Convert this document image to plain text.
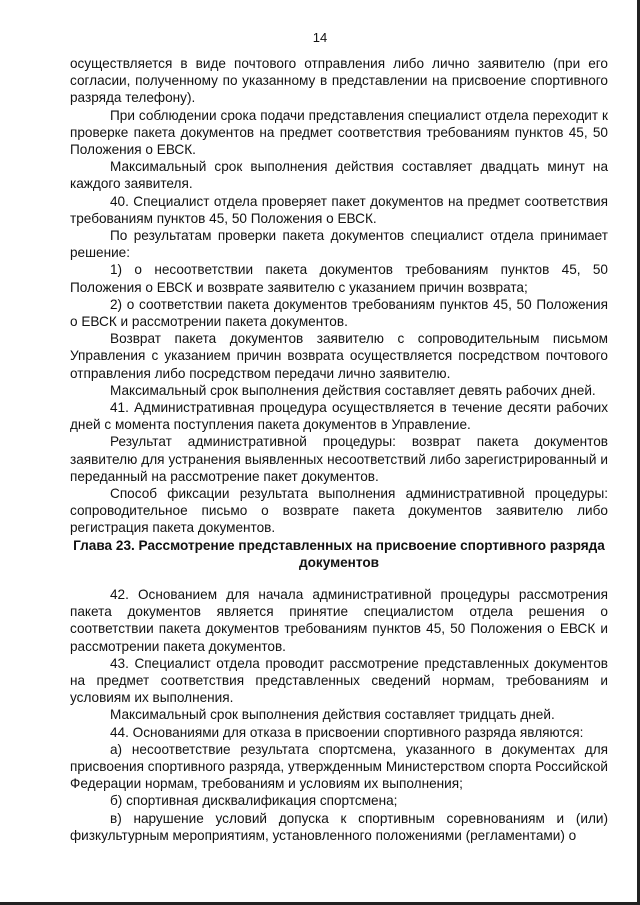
14

осуществляется в виде почтового отправления либо лично заявителю (при его согласии, полученному по указанному в представлении на присвоение спортивного разряда телефону).

При соблюдении срока подачи представления специалист отдела переходит к проверке пакета документов на предмет соответствия требованиям пунктов 45, 50 Положения о ЕВСК.

Максимальный срок выполнения действия составляет двадцать минут на каждого заявителя.

40. Специалист отдела проверяет пакет документов на предмет соответствия требованиям пунктов 45, 50 Положения о ЕВСК.

По результатам проверки пакета документов специалист отдела принимает решение:

1) о несоответствии пакета документов требованиям пунктов 45, 50 Положения о ЕВСК и возврате заявителю с указанием причин возврата;

2) о соответствии пакета документов требованиям пунктов 45, 50 Положения о ЕВСК и рассмотрении пакета документов.

Возврат пакета документов заявителю с сопроводительным письмом Управления с указанием причин возврата осуществляется посредством почтового отправления либо посредством передачи лично заявителю.

Максимальный срок выполнения действия составляет девять рабочих дней.

41. Административная процедура осуществляется в течение десяти рабочих дней с момента поступления пакета документов в Управление.

Результат административной процедуры: возврат пакета документов заявителю для устранения выявленных несоответствий либо зарегистрированный и переданный на рассмотрение пакет документов.

Способ фиксации результата выполнения административной процедуры: сопроводительное письмо о возврате пакета документов заявителю либо регистрация пакета документов.

Глава 23. Рассмотрение представленных на присвоение спортивного разряда документов

42. Основанием для начала административной процедуры рассмотрения пакета документов является принятие специалистом отдела решения о соответствии пакета документов требованиям пунктов 45, 50 Положения о ЕВСК и рассмотрении пакета документов.

43. Специалист отдела проводит рассмотрение представленных документов на предмет соответствия представленных сведений нормам, требованиям и условиям их выполнения.

Максимальный срок выполнения действия составляет тридцать дней.

44. Основаниями для отказа в присвоении спортивного разряда являются:

а) несоответствие результата спортсмена, указанного в документах для присвоения спортивного разряда, утвержденным Министерством спорта Российской Федерации нормам, требованиям и условиям их выполнения;

б) спортивная дисквалификация спортсмена;

в) нарушение условий допуска к спортивным соревнованиям и (или) физкультурным мероприятиям, установленного положениями (регламентами) о
